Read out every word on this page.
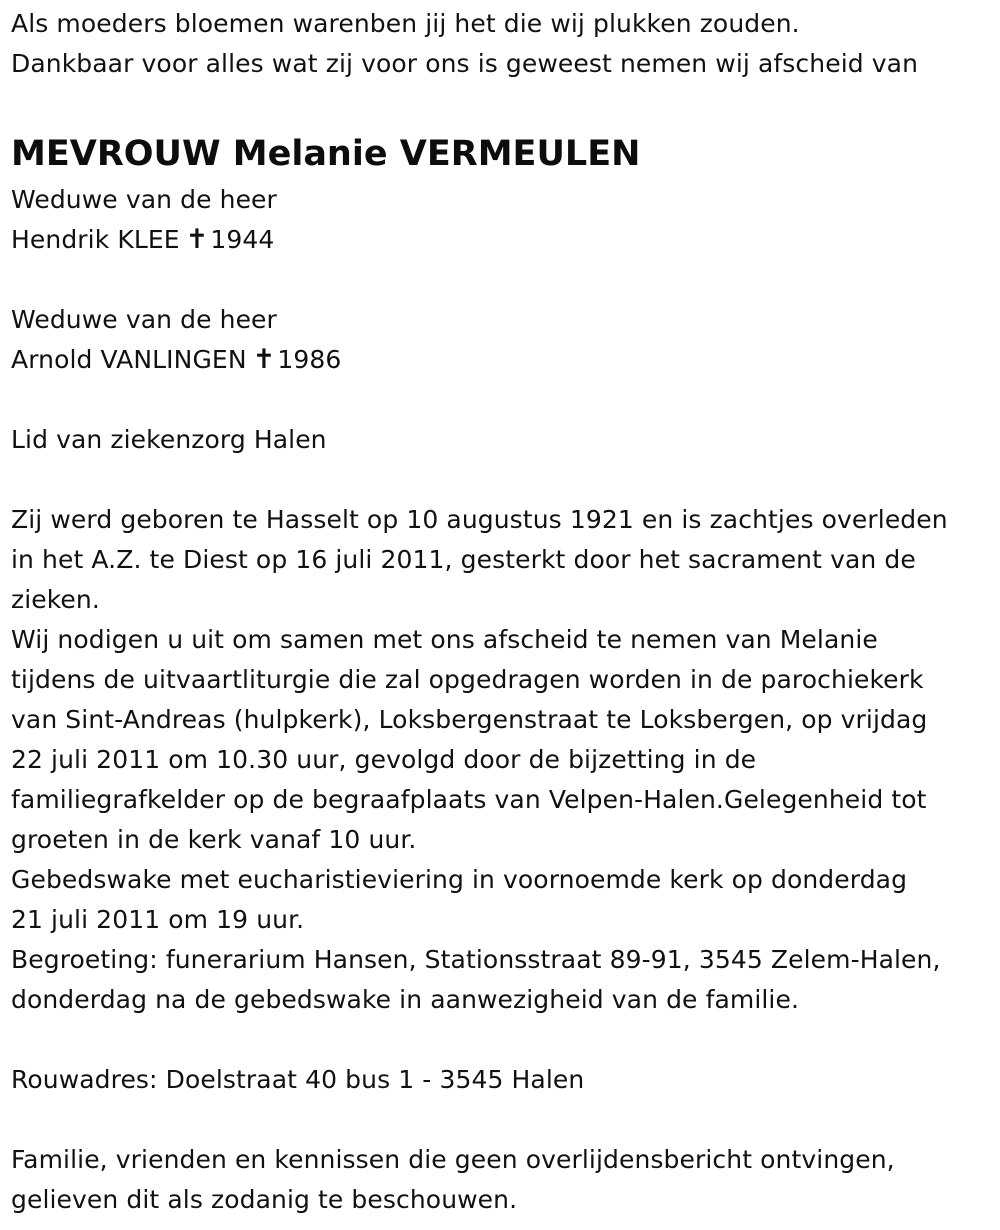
Als moeders bloemen warenben jij het die wij plukken zouden.
Dankbaar voor alles wat zij voor ons is geweest nemen wij afscheid van
MEVROUW Melanie VERMEULEN
Weduwe van de heer
Hendrik KLEE ✝1944
Weduwe van de heer
Arnold VANLINGEN ✝1986
Lid van ziekenzorg Halen
Zij werd geboren te Hasselt op 10 augustus 1921 en is zachtjes overleden
in het A.Z. te Diest op 16 juli 2011, gesterkt door het sacrament van de
zieken.
Wij nodigen u uit om samen met ons afscheid te nemen van Melanie
tijdens de uitvaartliturgie die zal opgedragen worden in de parochiekerk
van Sint-Andreas (hulpkerk), Loksbergenstraat te Loksbergen, op vrijdag
22 juli 2011 om 10.30 uur, gevolgd door de bijzetting in de
familiegrafkelder op de begraafplaats van Velpen-Halen.Gelegenheid tot
groeten in de kerk vanaf 10 uur.
Gebedswake met eucharistieviering in voornoemde kerk op donderdag
21 juli 2011 om 19 uur.
Begroeting: funerarium Hansen, Stationsstraat 89-91, 3545 Zelem-Halen,
donderdag na de gebedswake in aanwezigheid van de familie.
Rouwadres: Doelstraat 40 bus 1 - 3545 Halen
Familie, vrienden en kennissen die geen overlijdensbericht ontvingen,
gelieven dit als zodanig te beschouwen.
